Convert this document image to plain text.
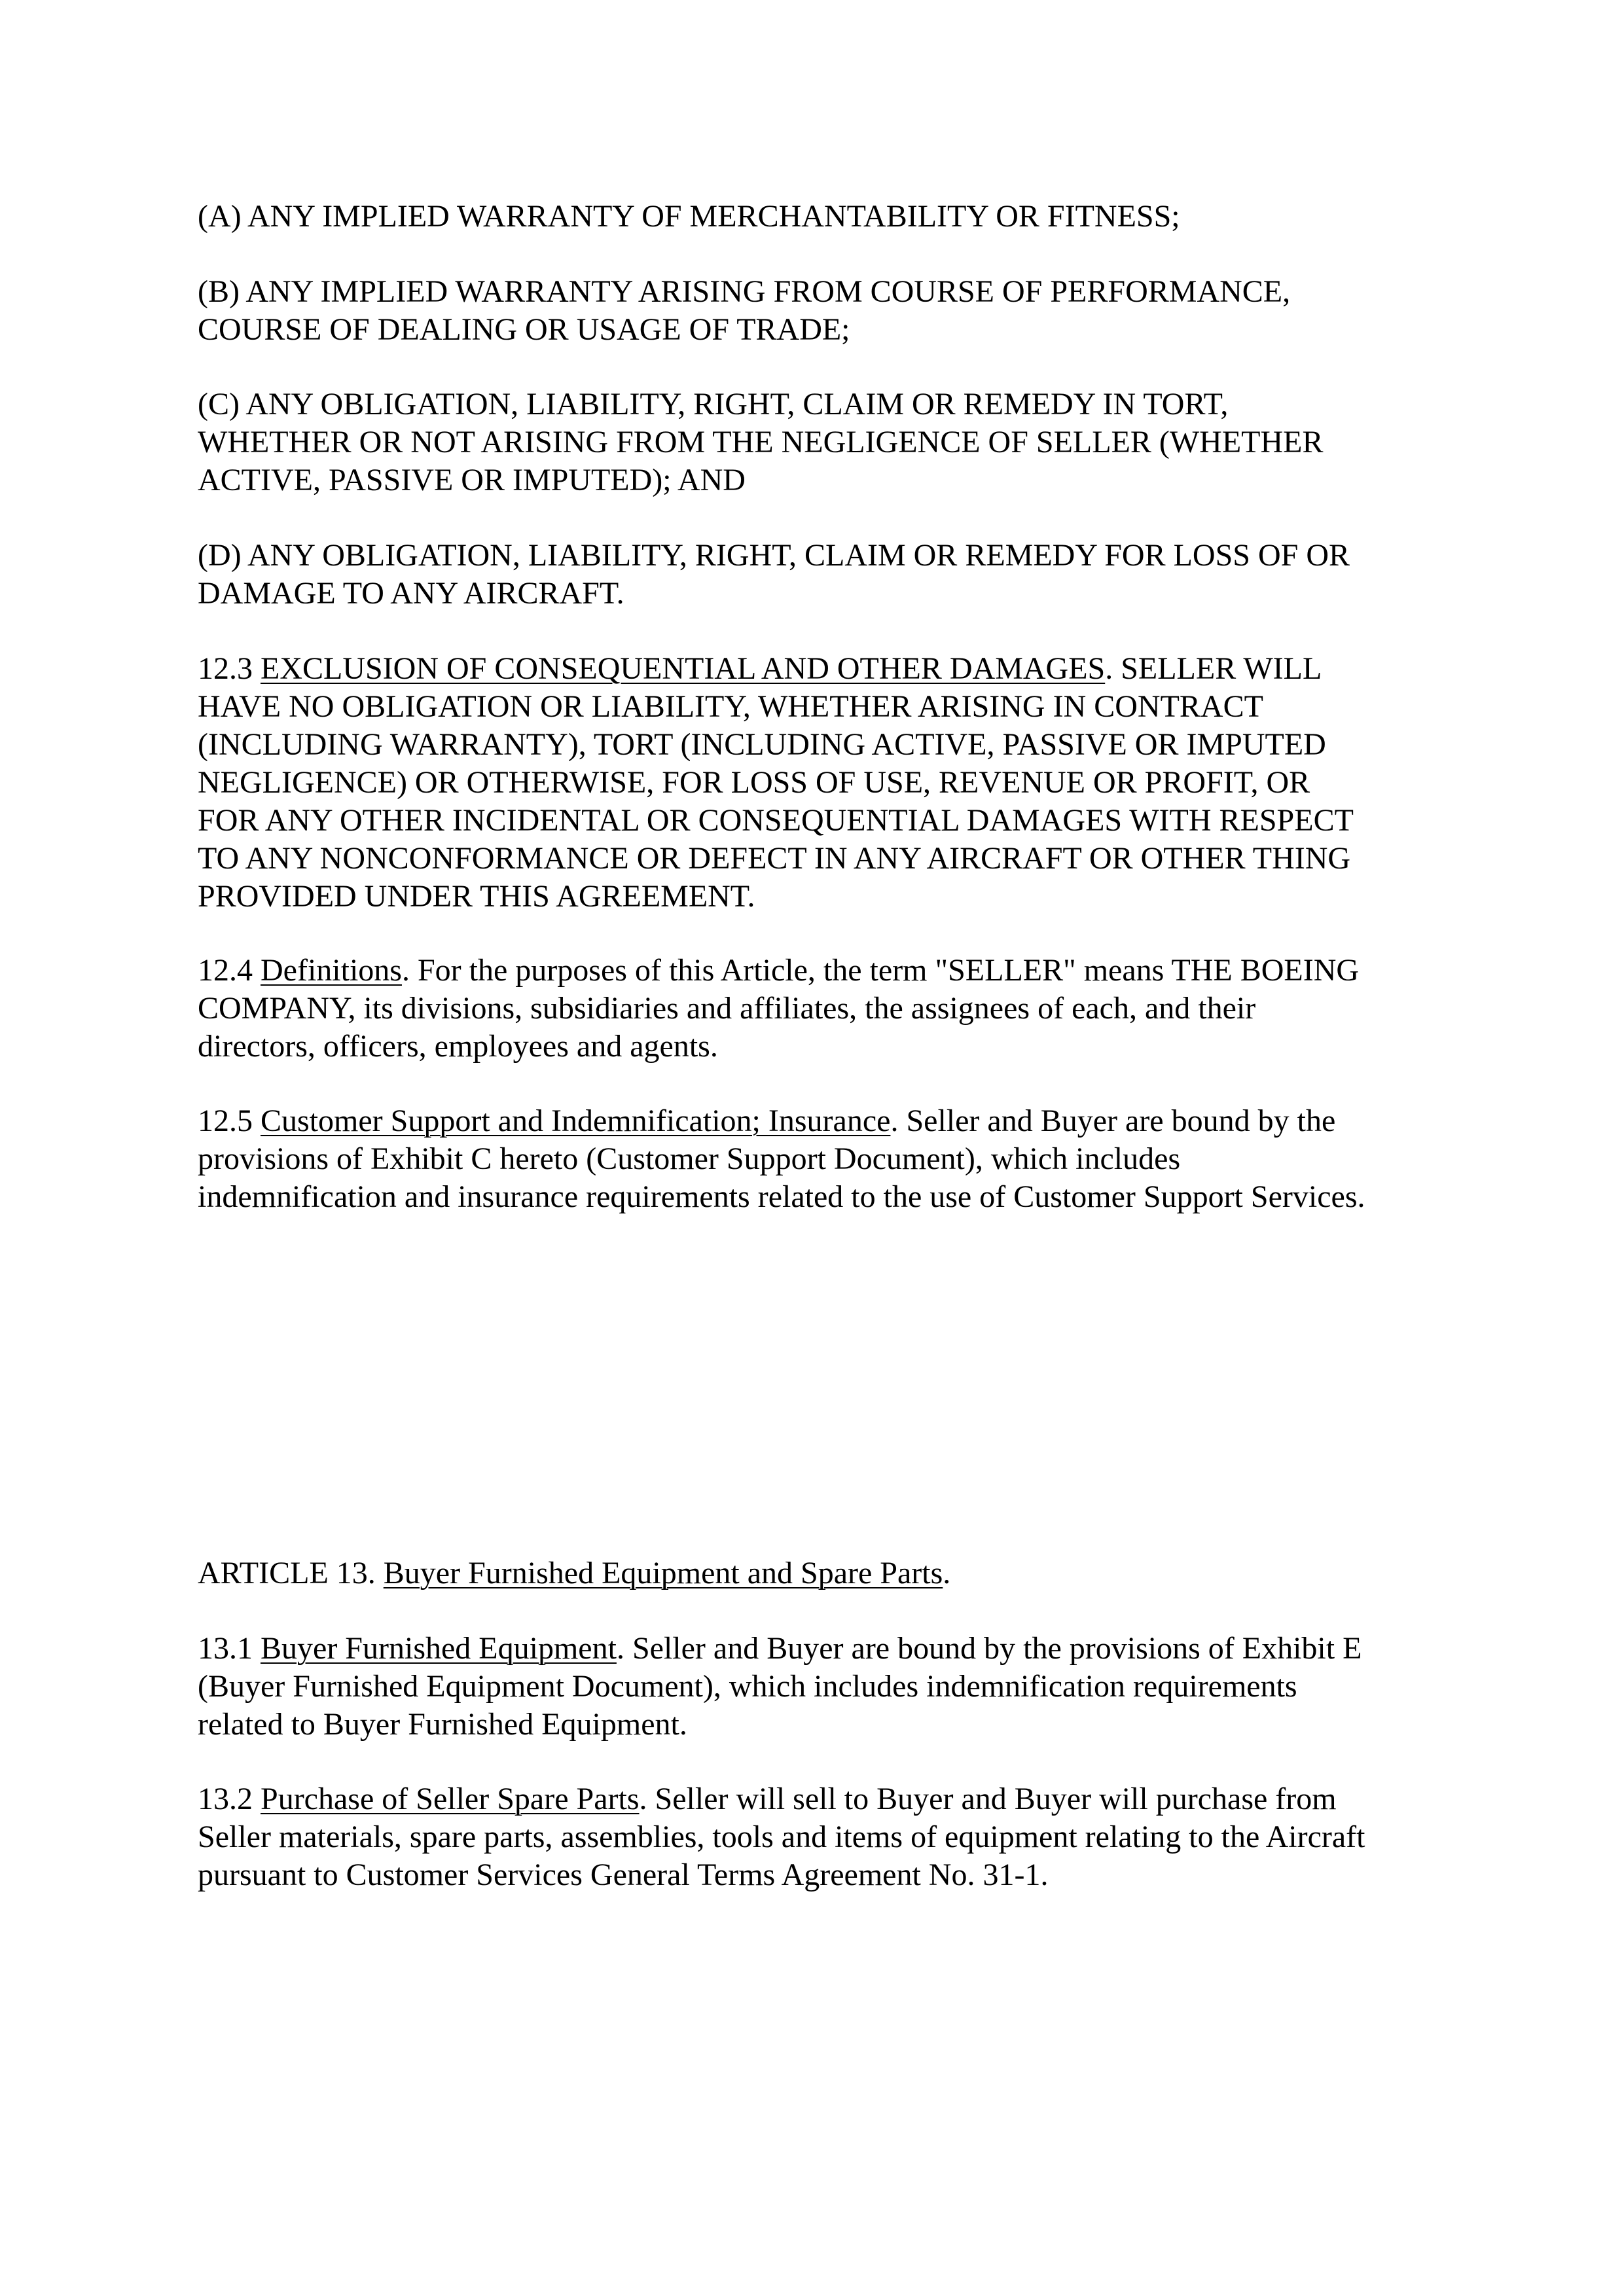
(A) ANY IMPLIED WARRANTY OF MERCHANTABILITY OR FITNESS;
(B) ANY IMPLIED WARRANTY ARISING FROM COURSE OF PERFORMANCE,
COURSE OF DEALING OR USAGE OF TRADE;
(C) ANY OBLIGATION, LIABILITY, RIGHT, CLAIM OR REMEDY IN TORT,
WHETHER OR NOT ARISING FROM THE NEGLIGENCE OF SELLER (WHETHER
ACTIVE, PASSIVE OR IMPUTED); AND
(D) ANY OBLIGATION, LIABILITY, RIGHT, CLAIM OR REMEDY FOR LOSS OF OR
DAMAGE TO ANY AIRCRAFT.
12.3 EXCLUSION OF CONSEQUENTIAL AND OTHER DAMAGES. SELLER WILL
HAVE NO OBLIGATION OR LIABILITY, WHETHER ARISING IN CONTRACT
(INCLUDING WARRANTY), TORT (INCLUDING ACTIVE, PASSIVE OR IMPUTED
NEGLIGENCE) OR OTHERWISE, FOR LOSS OF USE, REVENUE OR PROFIT, OR
FOR ANY OTHER INCIDENTAL OR CONSEQUENTIAL DAMAGES WITH RESPECT
TO ANY NONCONFORMANCE OR DEFECT IN ANY AIRCRAFT OR OTHER THING
PROVIDED UNDER THIS AGREEMENT.
12.4 Definitions. For the purposes of this Article, the term "SELLER" means THE BOEING
COMPANY, its divisions, subsidiaries and affiliates, the assignees of each, and their
directors, officers, employees and agents.
12.5 Customer Support and Indemnification; Insurance. Seller and Buyer are bound by the
provisions of Exhibit C hereto (Customer Support Document), which includes
indemnification and insurance requirements related to the use of Customer Support Services.
ARTICLE 13. Buyer Furnished Equipment and Spare Parts.
13.1 Buyer Furnished Equipment. Seller and Buyer are bound by the provisions of Exhibit E
(Buyer Furnished Equipment Document), which includes indemnification requirements
related to Buyer Furnished Equipment.
13.2 Purchase of Seller Spare Parts. Seller will sell to Buyer and Buyer will purchase from
Seller materials, spare parts, assemblies, tools and items of equipment relating to the Aircraft
pursuant to Customer Services General Terms Agreement No. 31-1.
